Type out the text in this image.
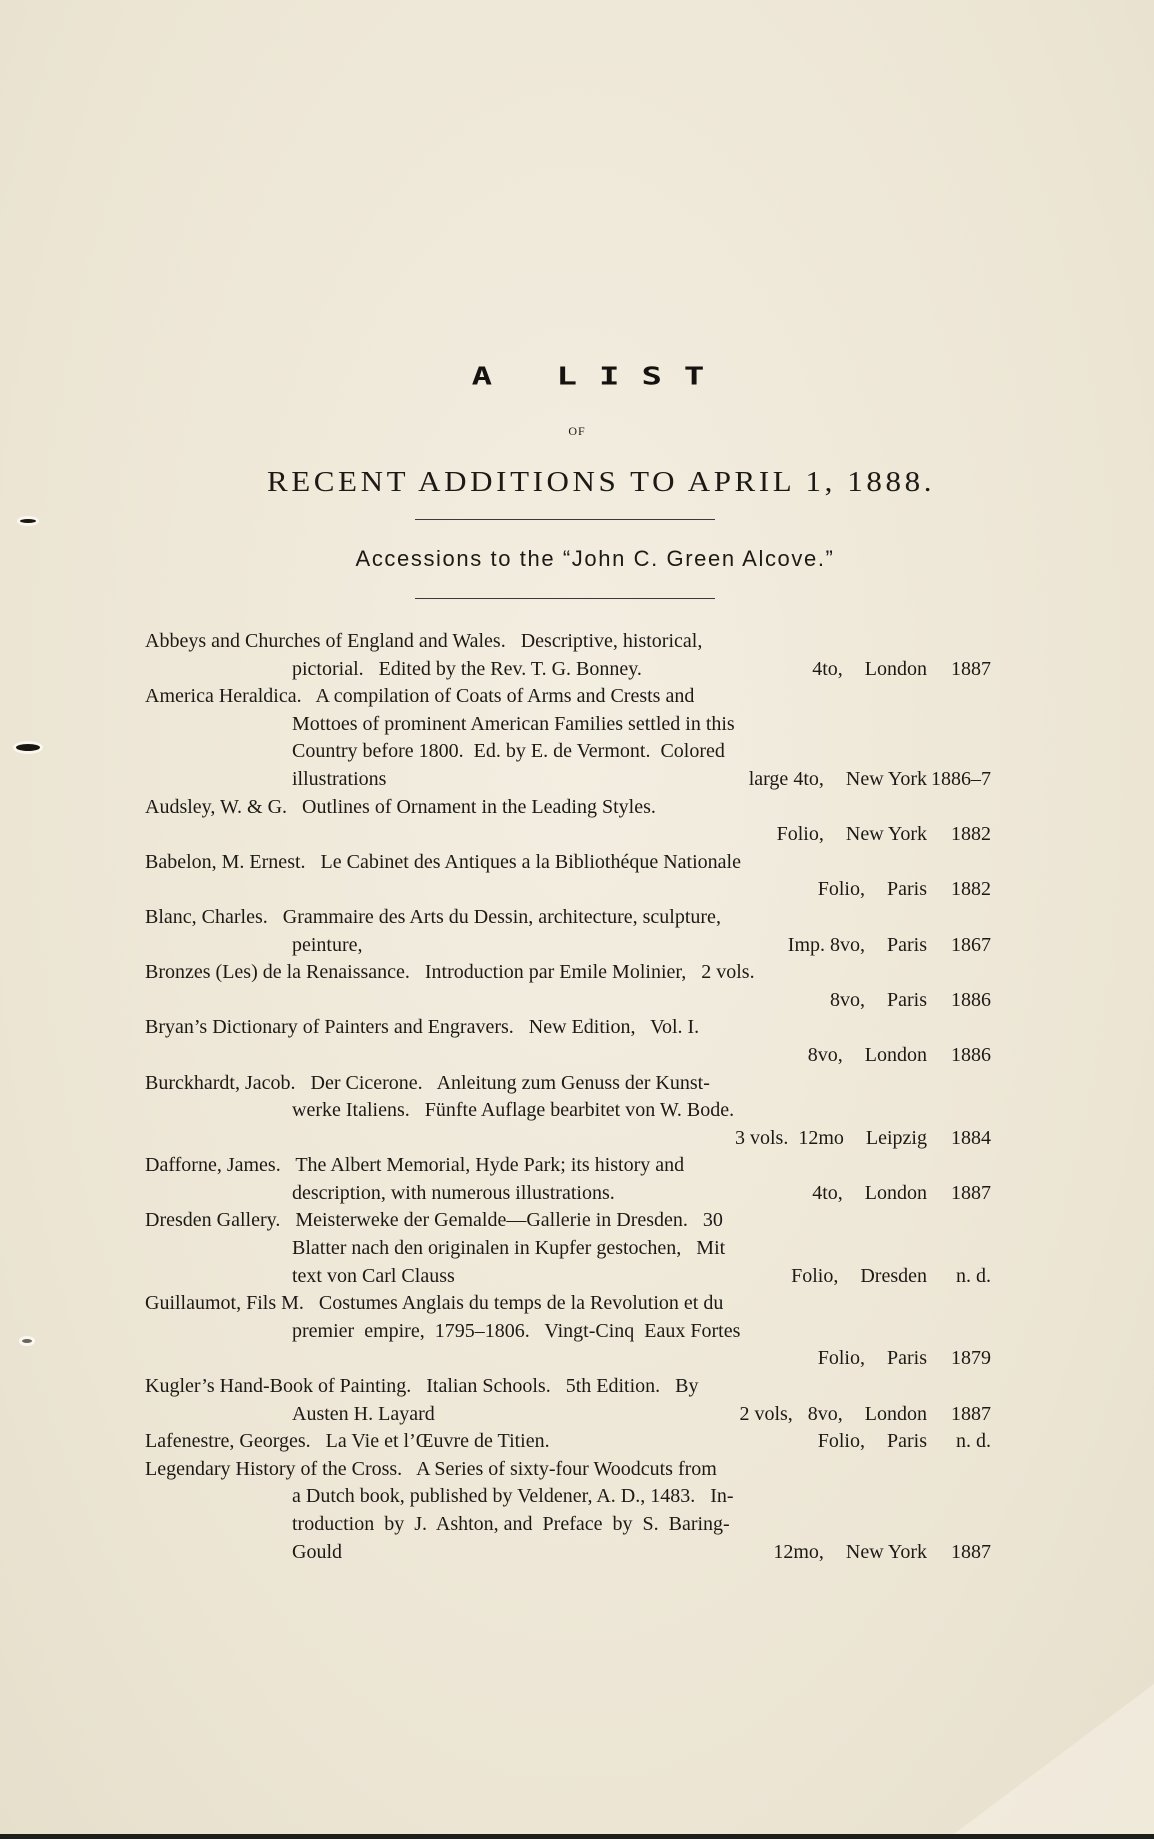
A LIST
OF
RECENT ADDITIONS TO APRIL 1, 1888.
Accessions to the “John C. Green Alcove.”
Abbeys and Churches of England and Wales.   Descriptive, historical,
pictorial.   Edited by the Rev. T. G. Bonney.	4to, London	1887
America Heraldica.   A compilation of Coats of Arms and Crests and
Mottoes of prominent American Families settled in this
Country before 1800.  Ed. by E. de Vermont.  Colored
illustrations	large 4to, New York 1886–7
Audsley, W. & G.   Outlines of Ornament in the Leading Styles.
Folio, New York	1882
Babelon, M. Ernest.   Le Cabinet des Antiques a la Bibliothéque Nationale
Folio, Paris	1882
Blanc, Charles.   Grammaire des Arts du Dessin, architecture, sculpture,
peinture,	Imp. 8vo, Paris	1867
Bronzes (Les) de la Renaissance.   Introduction par Emile Molinier,   2 vols.
8vo, Paris	1886
Bryan’s Dictionary of Painters and Engravers.   New Edition,   Vol. I.
8vo, London	1886
Burckhardt, Jacob.   Der Cicerone.   Anleitung zum Genuss der Kunst-
werke Italiens.   Fünfte Auflage bearbitet von W. Bode.
3 vols.  12mo Leipzig	1884
Dafforne, James.   The Albert Memorial, Hyde Park; its history and
description, with numerous illustrations.	4to, London	1887
Dresden Gallery.   Meisterweke der Gemalde—Gallerie in Dresden.   30
Blatter nach den originalen in Kupfer gestochen,   Mit
text von Carl Clauss	Folio, Dresden	n. d.
Guillaumot, Fils M.   Costumes Anglais du temps de la Revolution et du
premier  empire,  1795–1806.   Vingt-Cinq  Eaux Fortes
Folio, Paris	1879
Kugler’s Hand-Book of Painting.   Italian Schools.   5th Edition.   By
Austen H. Layard	2 vols,   8vo, London	1887
Lafenestre, Georges.   La Vie et l’Œuvre de Titien.	Folio, Paris	n. d.
Legendary History of the Cross.   A Series of sixty-four Woodcuts from
a Dutch book, published by Veldener, A. D., 1483.   In-
troduction  by  J.  Ashton, and  Preface  by  S.  Baring-
Gould	12mo, New York	1887
